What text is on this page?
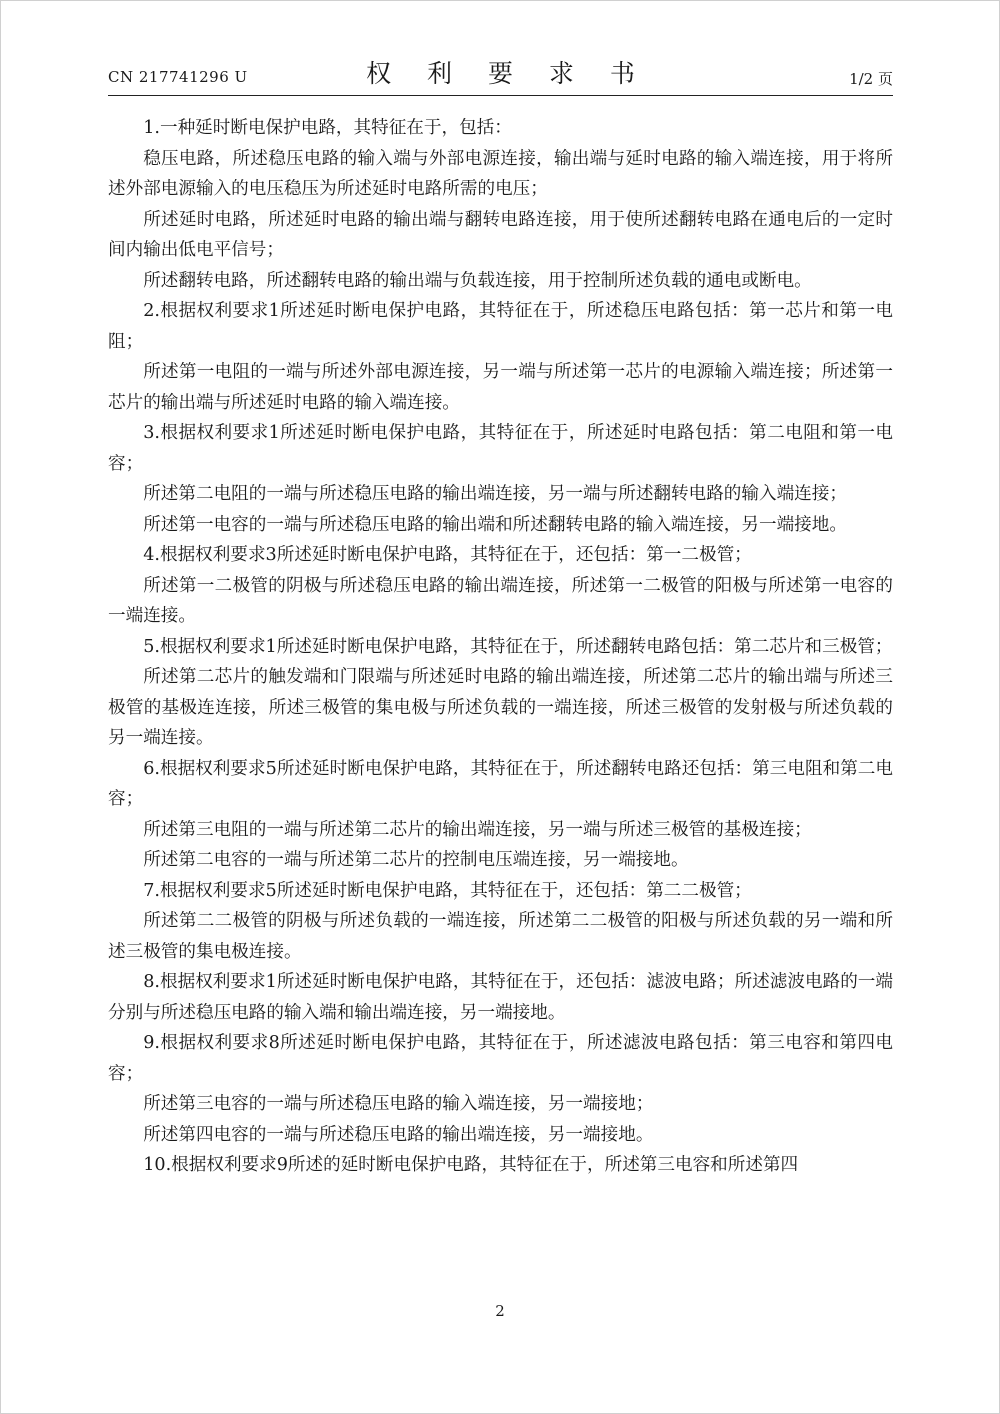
CN 217741296 U	权 利 要 求 书	1/2 页

1.一种延时断电保护电路，其特征在于，包括：

稳压电路，所述稳压电路的输入端与外部电源连接，输出端与延时电路的输入端连接，用于将所述外部电源输入的电压稳压为所述延时电路所需的电压；

所述延时电路，所述延时电路的输出端与翻转电路连接，用于使所述翻转电路在通电后的一定时间内输出低电平信号；

所述翻转电路，所述翻转电路的输出端与负载连接，用于控制所述负载的通电或断电。

2.根据权利要求1所述延时断电保护电路，其特征在于，所述稳压电路包括：第一芯片和第一电阻；

所述第一电阻的一端与所述外部电源连接，另一端与所述第一芯片的电源输入端连接；所述第一芯片的输出端与所述延时电路的输入端连接。

3.根据权利要求1所述延时断电保护电路，其特征在于，所述延时电路包括：第二电阻和第一电容；

所述第二电阻的一端与所述稳压电路的输出端连接，另一端与所述翻转电路的输入端连接；

所述第一电容的一端与所述稳压电路的输出端和所述翻转电路的输入端连接，另一端接地。

4.根据权利要求3所述延时断电保护电路，其特征在于，还包括：第一二极管；

所述第一二极管的阴极与所述稳压电路的输出端连接，所述第一二极管的阳极与所述第一电容的一端连接。

5.根据权利要求1所述延时断电保护电路，其特征在于，所述翻转电路包括：第二芯片和三极管；

所述第二芯片的触发端和门限端与所述延时电路的输出端连接，所述第二芯片的输出端与所述三极管的基极连连接，所述三极管的集电极与所述负载的一端连接，所述三极管的发射极与所述负载的另一端连接。

6.根据权利要求5所述延时断电保护电路，其特征在于，所述翻转电路还包括：第三电阻和第二电容；

所述第三电阻的一端与所述第二芯片的输出端连接，另一端与所述三极管的基极连接；

所述第二电容的一端与所述第二芯片的控制电压端连接，另一端接地。

7.根据权利要求5所述延时断电保护电路，其特征在于，还包括：第二二极管；

所述第二二极管的阴极与所述负载的一端连接，所述第二二极管的阳极与所述负载的另一端和所述三极管的集电极连接。

8.根据权利要求1所述延时断电保护电路，其特征在于，还包括：滤波电路；所述滤波电路的一端分别与所述稳压电路的输入端和输出端连接，另一端接地。

9.根据权利要求8所述延时断电保护电路，其特征在于，所述滤波电路包括：第三电容和第四电容；

所述第三电容的一端与所述稳压电路的输入端连接，另一端接地；

所述第四电容的一端与所述稳压电路的输出端连接，另一端接地。

10.根据权利要求9所述的延时断电保护电路，其特征在于，所述第三电容和所述第四

2
